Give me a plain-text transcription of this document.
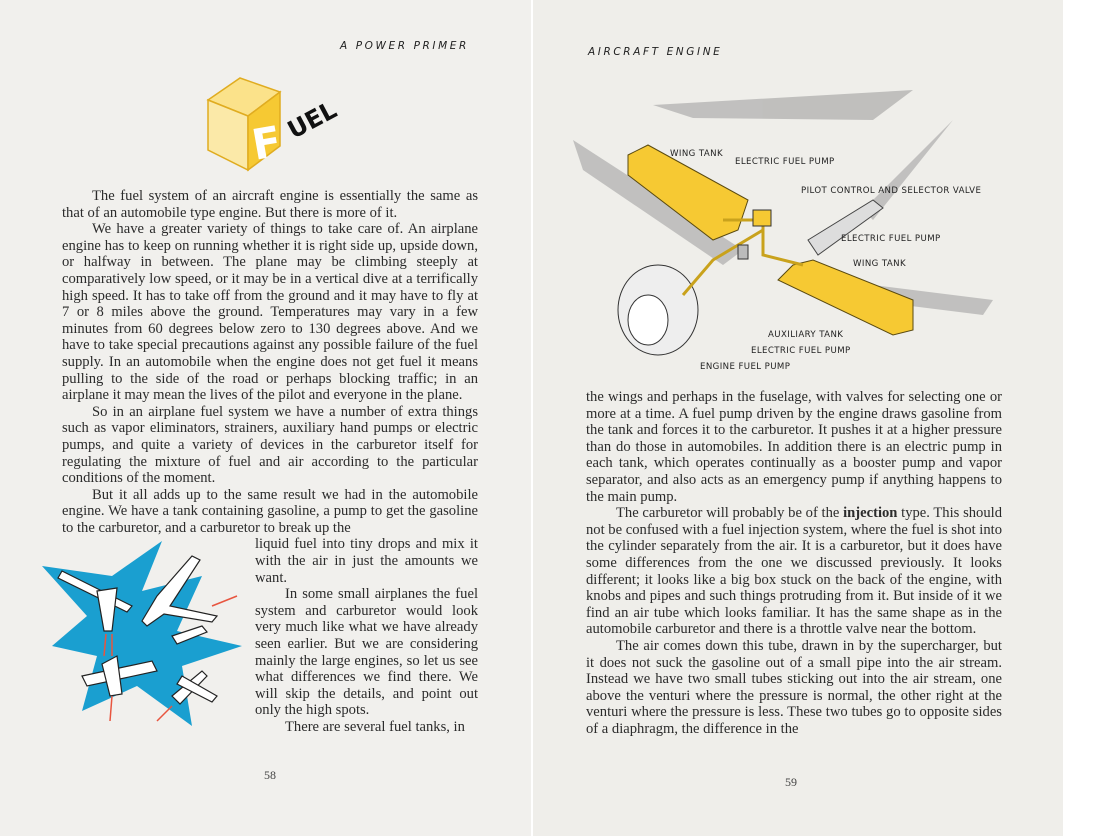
A POWER PRIMER
F
UEL

The fuel system of an aircraft engine is essentially the same as that of an automobile type engine. But there is more of it.

We have a greater variety of things to take care of. An airplane engine has to keep on running whether it is right side up, upside down, or halfway in between. The plane may be climbing steeply at comparatively low speed, or it may be in a vertical dive at a terrifically high speed. It has to take off from the ground and it may have to fly at 7 or 8 miles above the ground. Temperatures may vary in a few minutes from 60 degrees below zero to 130 degrees above. And we have to take special precautions against any possible failure of the fuel supply. In an automobile when the engine does not get fuel it means pulling to the side of the road or perhaps blocking traffic; in an airplane it may mean the lives of the pilot and everyone in the plane.

So in an airplane fuel system we have a number of extra things such as vapor eliminators, strainers, auxiliary hand pumps or electric pumps, and quite a variety of devices in the carburetor itself for regulating the mixture of fuel and air according to the particular conditions of the moment.

But it all adds up to the same result we had in the automobile engine. We have a tank containing gasoline, a pump to get the gasoline to the carburetor, and a carburetor to break up the

liquid fuel into tiny drops and mix it with the air in just the amounts we want.

In some small airplanes the fuel system and carburetor would look very much like what we have already seen earlier. But we are considering mainly the large engines, so let us see what differences we find there. We will skip the details, and point out only the high spots.

There are several fuel tanks, in

58
AIRCRAFT ENGINE
WING TANK
ELECTRIC FUEL PUMP
PILOT CONTROL AND SELECTOR VALVE
ELECTRIC FUEL PUMP
WING TANK
AUXILIARY TANK
ELECTRIC FUEL PUMP
ENGINE FUEL PUMP

the wings and perhaps in the fuselage, with valves for selecting one or more at a time. A fuel pump driven by the engine draws gasoline from the tank and forces it to the carburetor. It pushes it at a higher pressure than do those in automobiles. In addition there is an electric pump in each tank, which operates continually as a booster pump and vapor separator, and also acts as an emergency pump if anything happens to the main pump.

The carburetor will probably be of the injection type. This should not be confused with a fuel injection system, where the fuel is shot into the cylinder separately from the air. It is a carburetor, but it does have some differences from the one we discussed previously. It looks different; it looks like a big box stuck on the back of the engine, with knobs and pipes and such things protruding from it. But inside of it we find an air tube which looks familiar. It has the same shape as in the automobile carburetor and there is a throttle valve near the bottom.

The air comes down this tube, drawn in by the supercharger, but it does not suck the gasoline out of a small pipe into the air stream. Instead we have two small tubes sticking out into the air stream, one above the venturi where the pressure is normal, the other right at the venturi where the pressure is less. These two tubes go to opposite sides of a diaphragm, the difference in the

59
